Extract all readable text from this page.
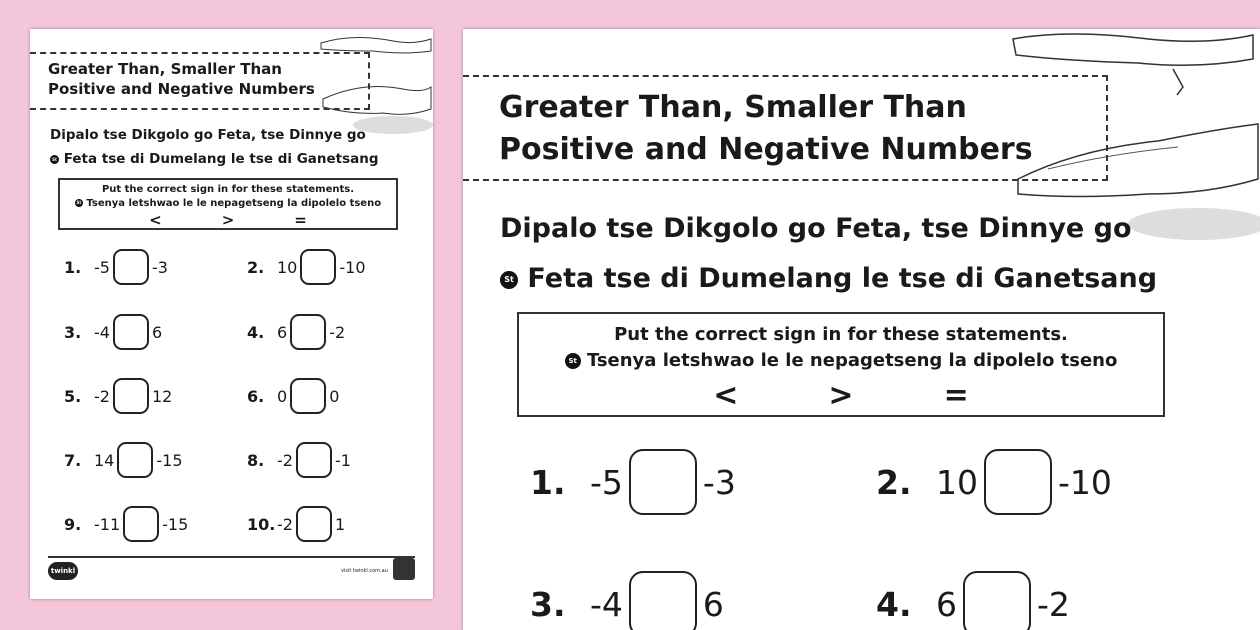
Greater Than, Smaller Than
Positive and Negative Numbers
Dipalo tse Dikgolo go Feta, tse Dinnye go
St Feta tse di Dumelang le tse di Ganetsang
Put the correct sign in for these statements.
St Tsenya letshwao le le nepagetseng la dipolelo tseno
<	>	=
1. -5	-3	2. 10	-10
3. -4	6	4. 6	-2
5. -2	12	6. 0	0
7. 14	-15	8. -2	-1
9. -11	-15	10. -2	1
twinkl	visit twinkl.com.au
Greater Than, Smaller Than
Positive and Negative Numbers
Dipalo tse Dikgolo go Feta, tse Dinnye go
St Feta tse di Dumelang le tse di Ganetsang
Put the correct sign in for these statements.
St Tsenya letshwao le le nepagetseng la dipolelo tseno
<	>	=
1. -5 -3	2. 10 -10
3. -4 6	4. 6 -2
